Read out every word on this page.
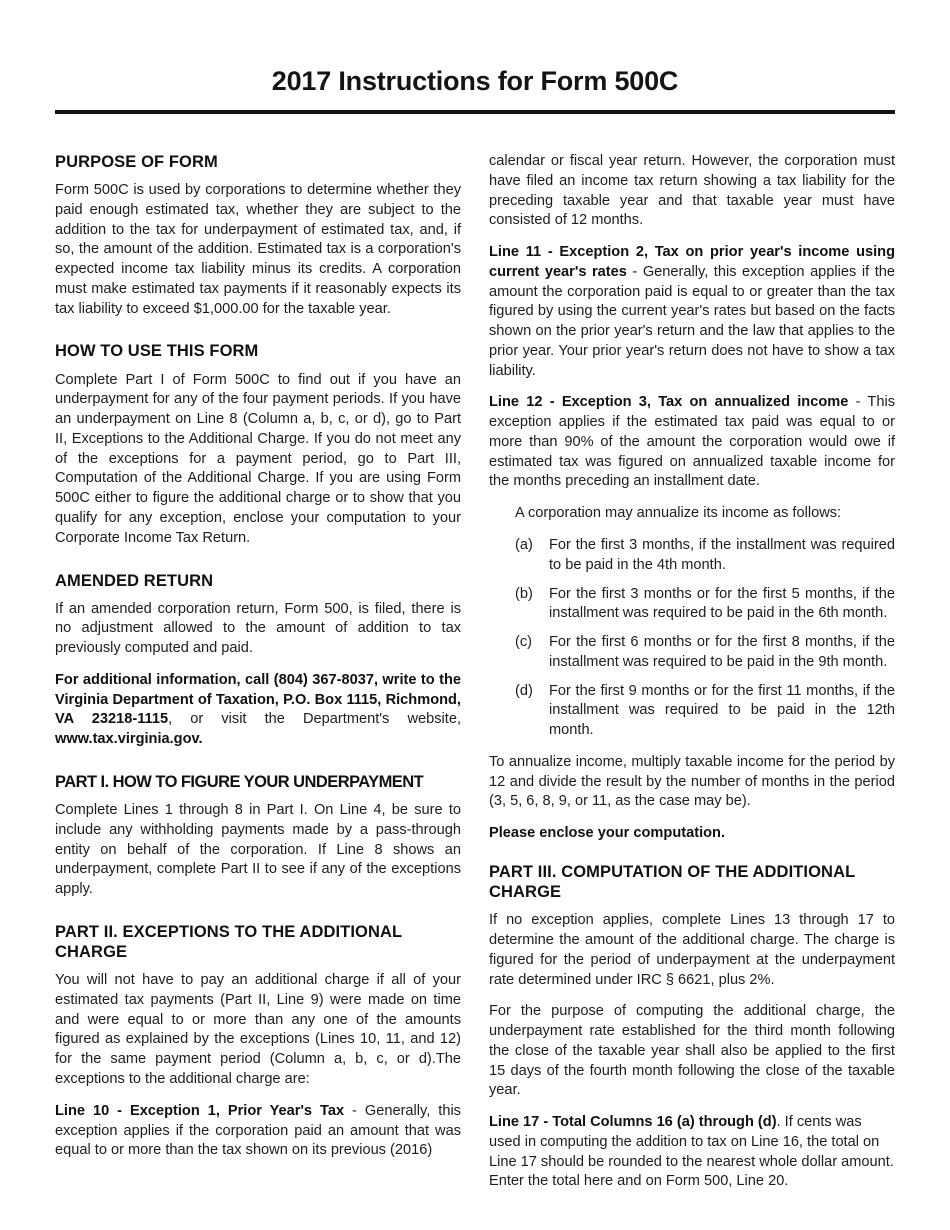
2017 Instructions for Form 500C
PURPOSE OF FORM

Form 500C is used by corporations to determine whether they paid enough estimated tax, whether they are subject to the addition to the tax for underpayment of estimated tax, and, if so, the amount of the addition. Estimated tax is a corporation's expected income tax liability minus its credits. A corporation must make estimated tax payments if it reasonably expects its tax liability to exceed $1,000.00 for the taxable year.

HOW TO USE THIS FORM

Complete Part I of Form 500C to find out if you have an underpayment for any of the four payment periods. If you have an underpayment on Line 8 (Column a, b, c, or d), go to Part II, Exceptions to the Additional Charge. If you do not meet any of the exceptions for a payment period, go to Part III, Computation of the Additional Charge. If you are using Form 500C either to figure the additional charge or to show that you qualify for any exception, enclose your computation to your Corporate Income Tax Return.

AMENDED RETURN

If an amended corporation return, Form 500, is filed, there is no adjustment allowed to the amount of addition to tax previously computed and paid.

For additional information, call (804) 367-8037, write to the Virginia Department of Taxation, P.O. Box 1115, Richmond, VA 23218-1115, or visit the Department's website, www.tax.virginia.gov.

PART I. HOW TO FIGURE YOUR UNDERPAYMENT

Complete Lines 1 through 8 in Part I. On Line 4, be sure to include any withholding payments made by a pass-through entity on behalf of the corporation. If Line 8 shows an underpayment, complete Part II to see if any of the exceptions apply.

PART II. EXCEPTIONS TO THE ADDITIONAL CHARGE

You will not have to pay an additional charge if all of your estimated tax payments (Part II, Line 9) were made on time and were equal to or more than any one of the amounts figured as explained by the exceptions (Lines 10, 11, and 12) for the same payment period (Column a, b, c, or d).The exceptions to the additional charge are:

Line 10 - Exception 1, Prior Year's Tax - Generally, this exception applies if the corporation paid an amount that was equal to or more than the tax shown on its previous (2016)

calendar or fiscal year return. However, the corporation must have filed an income tax return showing a tax liability for the preceding taxable year and that taxable year must have consisted of 12 months.

Line 11 - Exception 2, Tax on prior year's income using current year's rates - Generally, this exception applies if the amount the corporation paid is equal to or greater than the tax figured by using the current year's rates but based on the facts shown on the prior year's return and the law that applies to the prior year. Your prior year's return does not have to show a tax liability.

Line 12 - Exception 3, Tax on annualized income - This exception applies if the estimated tax paid was equal to or more than 90% of the amount the corporation would owe if estimated tax was figured on annualized taxable income for the months preceding an installment date.

A corporation may annualize its income as follows:

(a)	For the first 3 months, if the installment was required to be paid in the 4th month.
(b)	For the first 3 months or for the first 5 months, if the installment was required to be paid in the 6th month.
(c)	For the first 6 months or for the first 8 months, if the installment was required to be paid in the 9th month.
(d)	For the first 9 months or for the first 11 months, if the installment was required to be paid in the 12th month.

To annualize income, multiply taxable income for the period by 12 and divide the result by the number of months in the period (3, 5, 6, 8, 9, or 11, as the case may be).

Please enclose your computation.

PART III. COMPUTATION OF THE ADDITIONAL CHARGE

If no exception applies, complete Lines 13 through 17 to determine the amount of the additional charge. The charge is figured for the period of underpayment at the underpayment rate determined under IRC § 6621, plus 2%.

For the purpose of computing the additional charge, the underpayment rate established for the third month following the close of the taxable year shall also be applied to the first 15 days of the fourth month following the close of the taxable year.

Line 17 - Total Columns 16 (a) through (d). If cents was used in computing the addition to tax on Line 16, the total on Line 17 should be rounded to the nearest whole dollar amount. Enter the total here and on Form 500, Line 20.
